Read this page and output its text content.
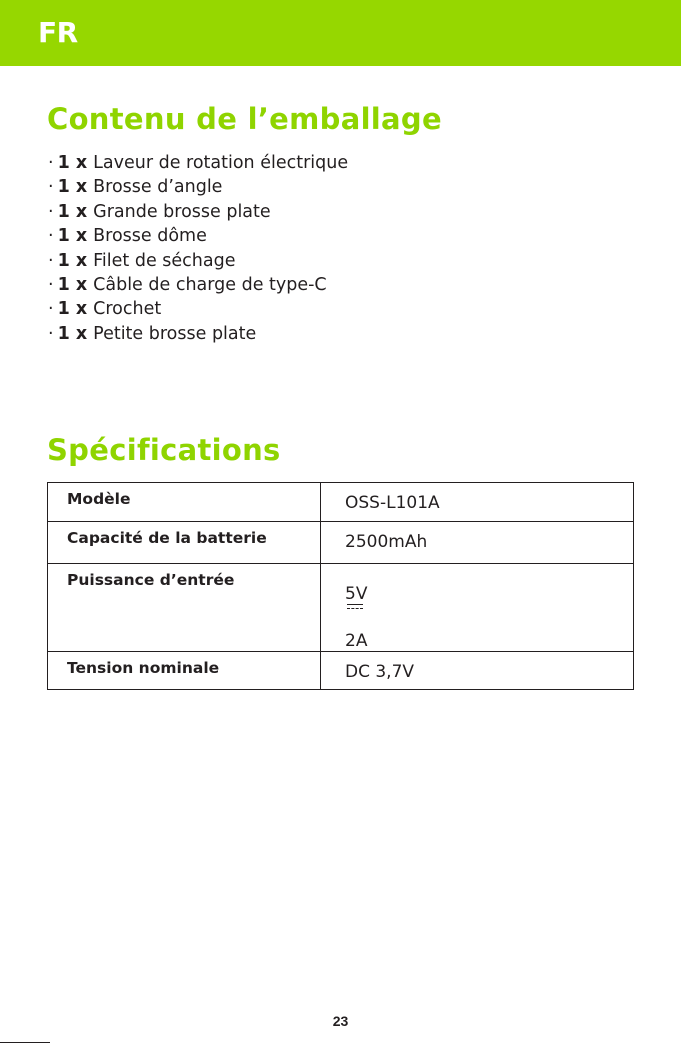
FR
Contenu de l’emballage
· 1 x Laveur de rotation électrique
· 1 x Brosse d’angle
· 1 x Grande brosse plate
· 1 x Brosse dôme
· 1 x Filet de séchage
· 1 x Câble de charge de type-C
· 1 x Crochet
· 1 x Petite brosse plate
Spécifications
Modèle	OSS-L101A

Capacité de la batterie	2500mAh

Puissance d’entrée	5V
2A

Tension nominale	DC 3,7V
23
